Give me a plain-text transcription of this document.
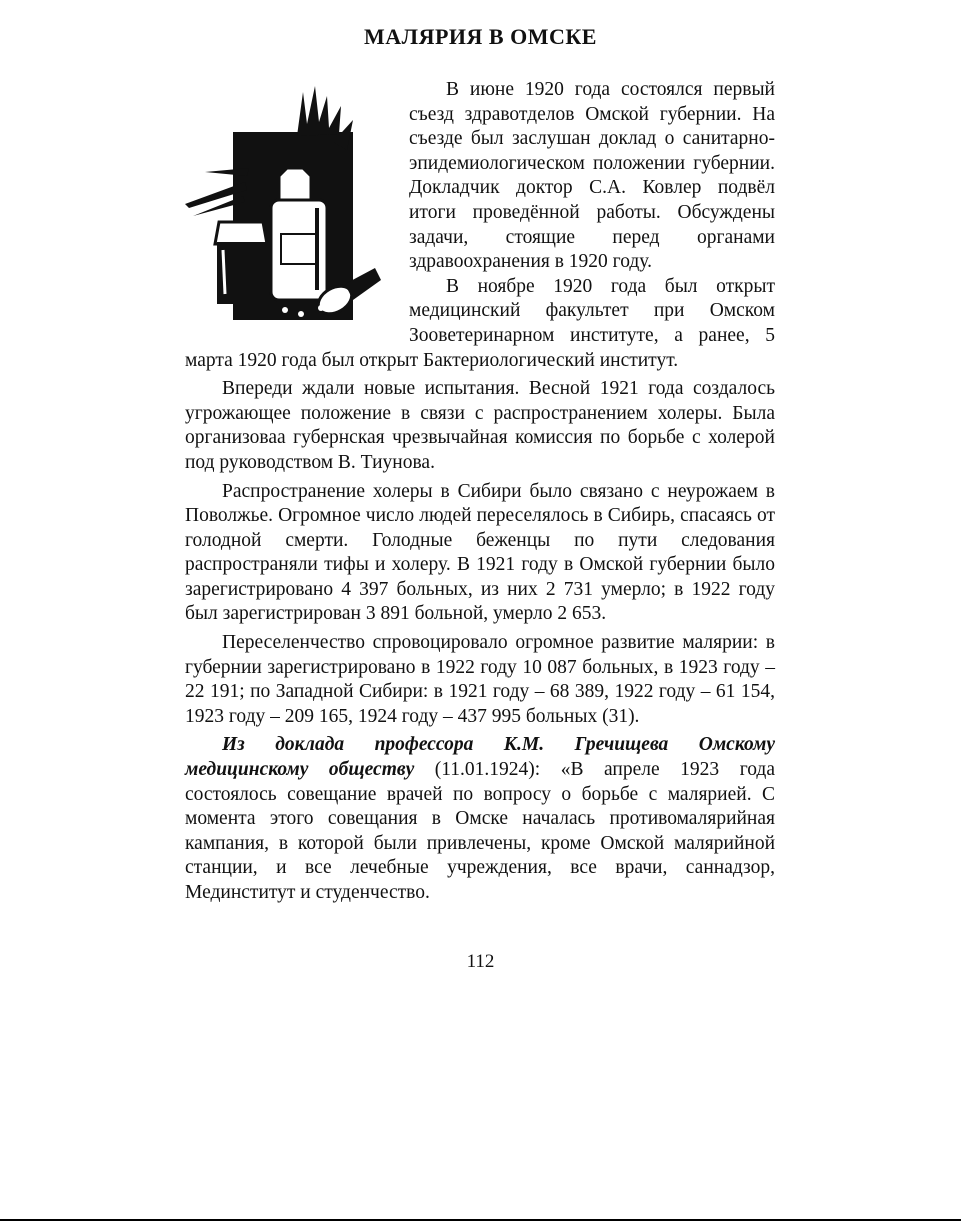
МАЛЯРИЯ В ОМСКЕ

В июне 1920 года состоялся первый съезд здравотделов Омской губернии. На съезде был заслушан доклад о санитарно-эпидемиологическом положении губернии. Докладчик доктор С.А. Ковлер подвёл итоги проведённой работы. Обсуждены задачи, стоящие перед органами здравоохранения в 1920 году.

В ноябре 1920 года был открыт медицинский факультет при Омском Зооветеринарном институте, а ранее, 5 марта 1920 года был открыт Бактериологический институт.

Впереди ждали новые испытания. Весной 1921 года создалось угрожающее положение в связи с распространением холеры. Была организоваа губернская чрезвычайная комиссия по борьбе с холерой под руководством В. Тиунова.

Распространение холеры в Сибири было связано с неурожаем в Поволжье. Огромное число людей переселялось в Сибирь, спасаясь от голодной смерти. Голодные беженцы по пути следования распространяли тифы и холеру. В 1921 году в Омской губернии было зарегистрировано 4 397 больных, из них 2 731 умерло; в 1922 году был зарегистрирован 3 891 больной, умерло 2 653.

Переселенчество спровоцировало огромное развитие малярии: в губернии зарегистрировано в 1922 году 10 087 больных, в 1923 году – 22 191; по Западной Сибири: в 1921 году – 68 389, 1922 году – 61 154, 1923 году – 209 165, 1924 году – 437 995 больных (31).

Из доклада профессора К.М. Гречищева Омскому медицинскому обществу (11.01.1924): «В апреле 1923 года состоялось совещание врачей по вопросу о борьбе с малярией. С момента этого совещания в Омске началась противомалярийная кампания, в которой были привлечены, кроме Омской малярийной станции, и все лечебные учреждения, все врачи, саннадзор, Мединститут и студенчество.

112
